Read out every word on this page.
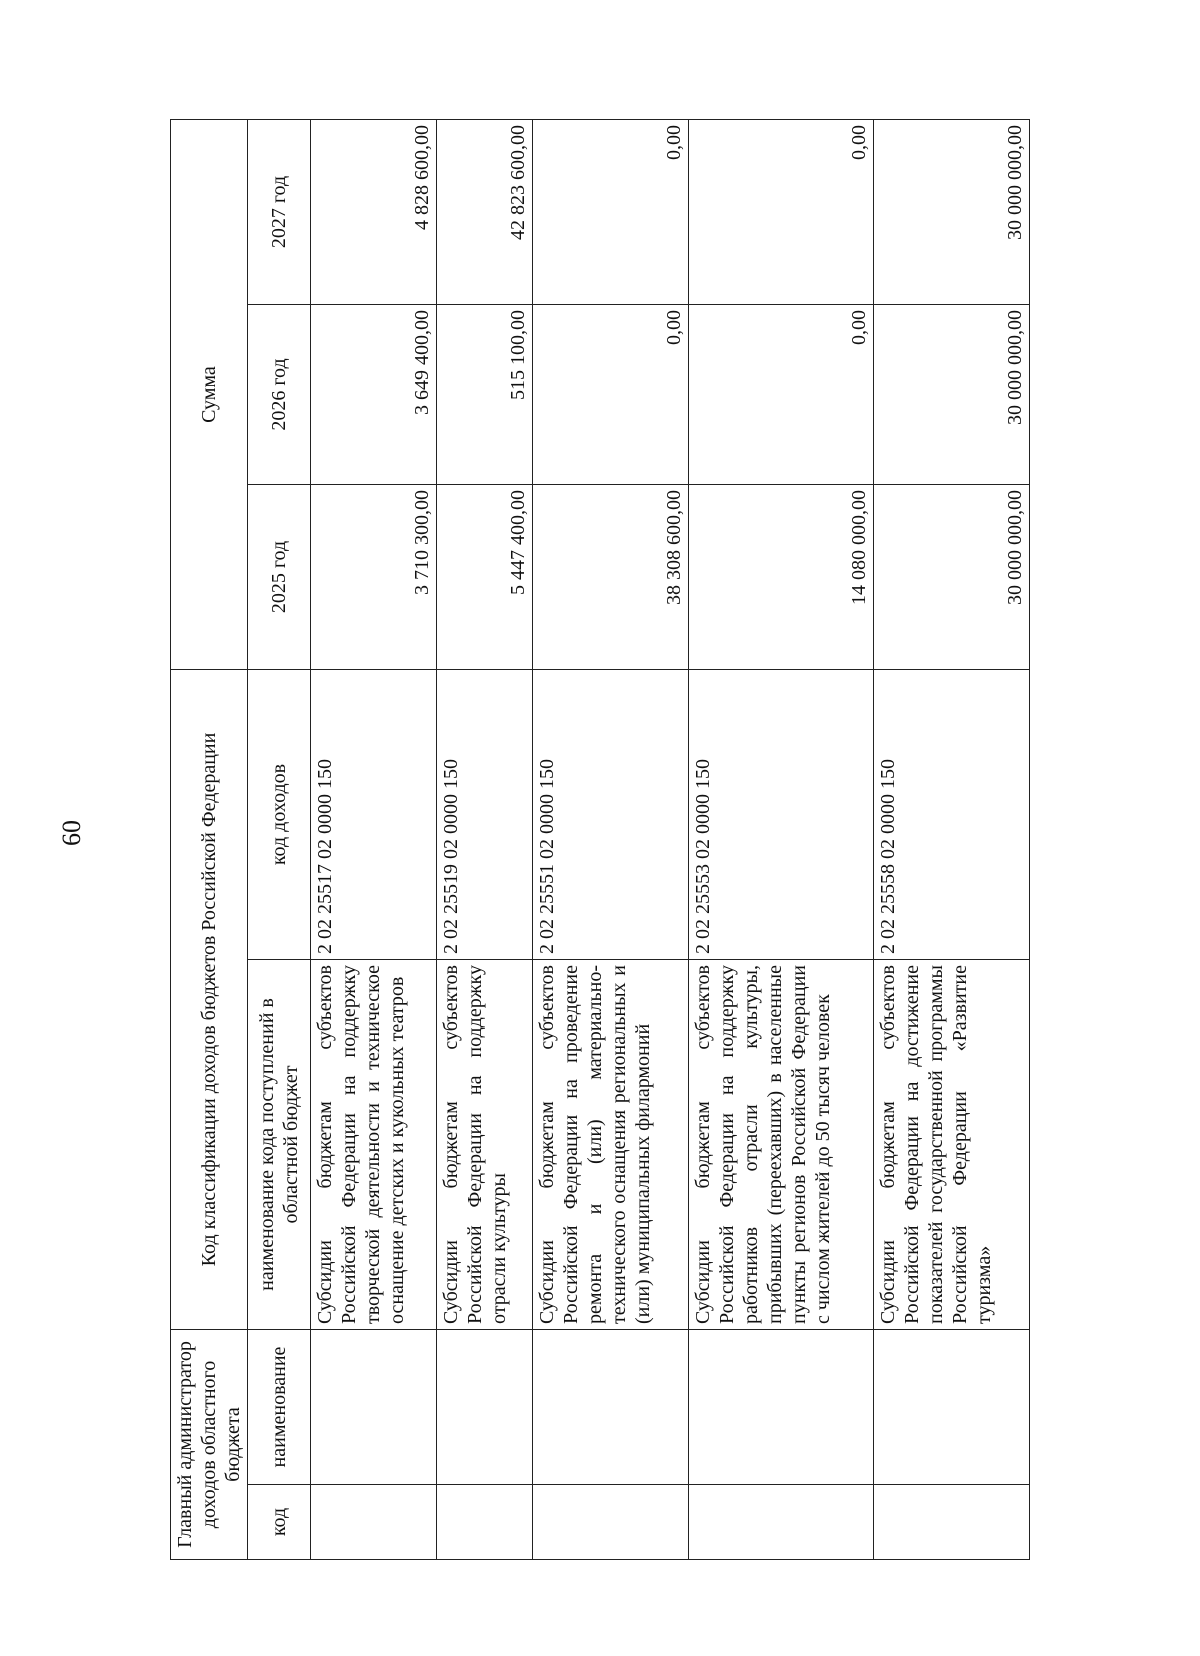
60
Главный администратор доходов областного бюджета		Код классификации доходов бюджетов Российской Федерации		Сумма		
код	наименование	наименование кода поступлений в областной бюджет	код доходов	2025 год	2026 год	2027 год
		Субсидии бюджетам субъектов Российской Федерации на поддержку творческой деятельности и техническое оснащение детских и кукольных театров	2 02 25517 02 0000 150	3 710 300,00	3 649 400,00	4 828 600,00
		Субсидии бюджетам субъектов Российской Федерации на поддержку отрасли культуры	2 02 25519 02 0000 150	5 447 400,00	515 100,00	42 823 600,00
		Субсидии бюджетам субъектов Российской Федерации на проведение ремонта и (или) материально-технического оснащения региональных и (или) муниципальных филармоний	2 02 25551 02 0000 150	38 308 600,00	0,00	0,00
		Субсидии бюджетам субъектов Российской Федерации на поддержку работников отрасли культуры, прибывших (переехавших) в населенные пункты регионов Российской Федерации с числом жителей до 50 тысяч человек	2 02 25553 02 0000 150	14 080 000,00	0,00	0,00
		Субсидии бюджетам субъектов Российской Федерации на достижение показателей государственной программы Российской Федерации «Развитие туризма»	2 02 25558 02 0000 150	30 000 000,00	30 000 000,00	30 000 000,00
